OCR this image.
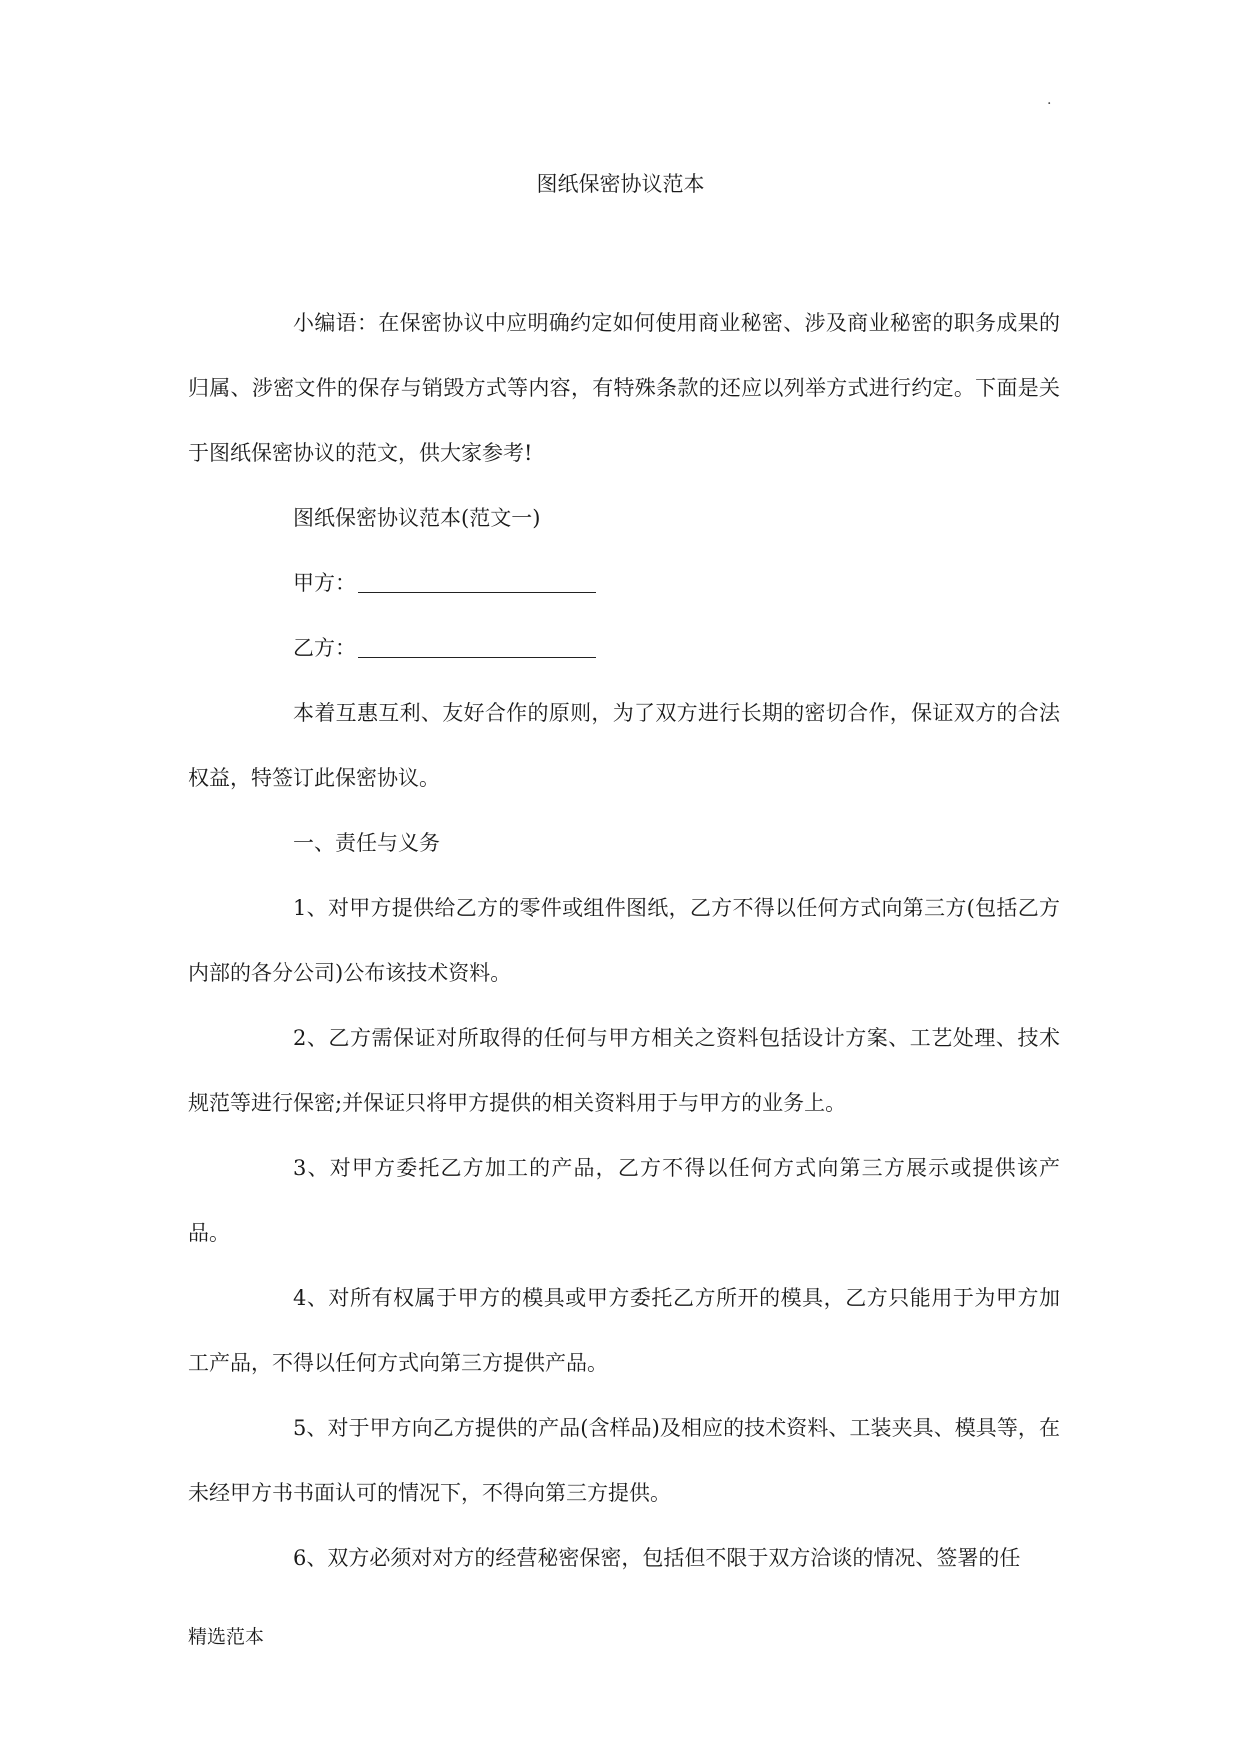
.
图纸保密协议范本

小编语：在保密协议中应明确约定如何使用商业秘密、涉及商业秘密的职务成果的归属、涉密文件的保存与销毁方式等内容，有特殊条款的还应以列举方式进行约定。下面是关于图纸保密协议的范文，供大家参考!

图纸保密协议范本(范文一)

甲方：

乙方：

本着互惠互利、友好合作的原则，为了双方进行长期的密切合作，保证双方的合法权益，特签订此保密协议。

一、责任与义务

1、对甲方提供给乙方的零件或组件图纸，乙方不得以任何方式向第三方(包括乙方内部的各分公司)公布该技术资料。

2、乙方需保证对所取得的任何与甲方相关之资料包括设计方案、工艺处理、技术规范等进行保密;并保证只将甲方提供的相关资料用于与甲方的业务上。

3、对甲方委托乙方加工的产品，乙方不得以任何方式向第三方展示或提供该产品。

4、对所有权属于甲方的模具或甲方委托乙方所开的模具，乙方只能用于为甲方加工产品，不得以任何方式向第三方提供产品。

5、对于甲方向乙方提供的产品(含样品)及相应的技术资料、工装夹具、模具等，在未经甲方书书面认可的情况下，不得向第三方提供。

6、双方必须对对方的经营秘密保密，包括但不限于双方洽谈的情况、签署的任

精选范本
